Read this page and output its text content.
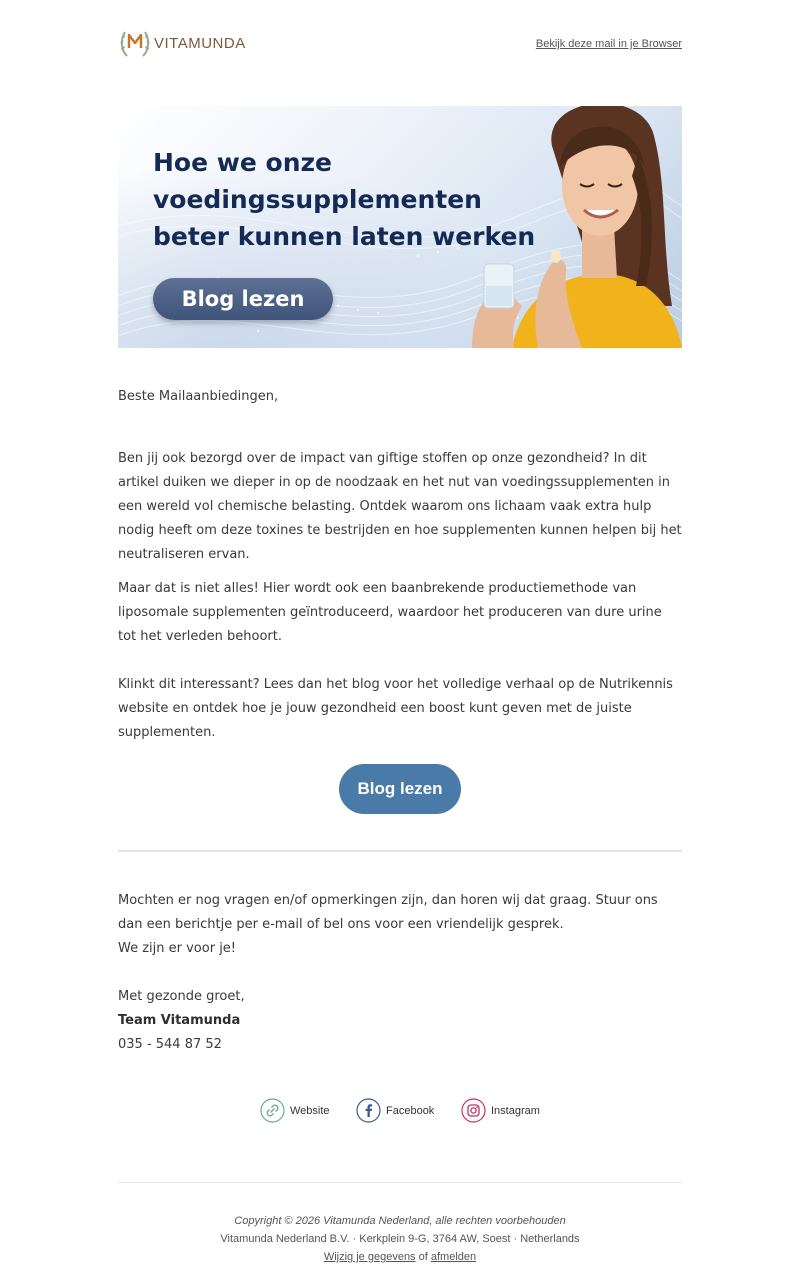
VITAMUNDA	Bekijk deze mail in je Browser
Hoe we onze
voedingssupplementen
beter kunnen laten werken
Blog lezen

Beste Mailaanbiedingen,

Ben jij ook bezorgd over de impact van giftige stoffen op onze gezondheid? In dit artikel duiken we dieper in op de noodzaak en het nut van voedingssupplementen in een wereld vol chemische belasting. Ontdek waarom ons lichaam vaak extra hulp nodig heeft om deze toxines te bestrijden en hoe supplementen kunnen helpen bij het neutraliseren ervan.

Maar dat is niet alles! Hier wordt ook een baanbrekende productiemethode van liposomale supplementen geïntroduceerd, waardoor het produceren van dure urine tot het verleden behoort.

Klinkt dit interessant? Lees dan het blog voor het volledige verhaal op de Nutrikennis website en ontdek hoe je jouw gezondheid een boost kunt geven met de juiste supplementen.

Blog lezen
Mochten er nog vragen en/of opmerkingen zijn, dan horen wij dat graag. Stuur ons dan een berichtje per e-mail of bel ons voor een vriendelijk gesprek.
We zijn er voor je!
Met gezonde groet,
Team Vitamunda
035 - 544 87 52
Website	Facebook	Instagram
Copyright © 2026 Vitamunda Nederland, alle rechten voorbehouden
Vitamunda Nederland B.V. · Kerkplein 9-G, 3764 AW, Soest · Netherlands
Wijzig je gegevens of afmelden
